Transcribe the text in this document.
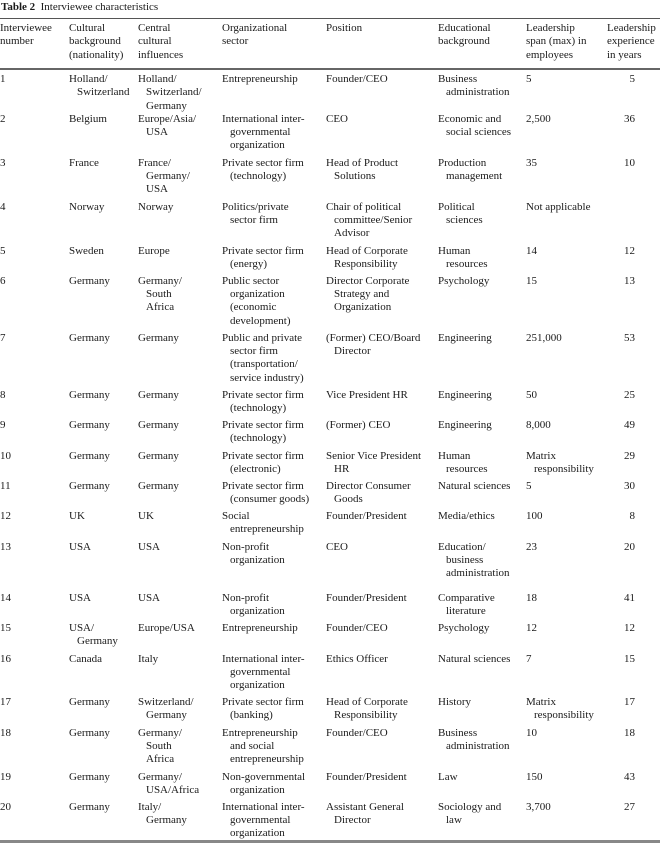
Table 2 Interviewee characteristics
Interviewee
number	Cultural
background
(nationality)	Central
cultural
influences	Organizational
sector	Position	Educational
background	Leadership
span (max) in
employees	Leadership
experience
in years

1	Holland/
Switzerland	Holland/
Switzerland/
Germany	Entrepreneurship	Founder/CEO	Business
administration	5	5

2	Belgium	Europe/Asia/
USA	International inter-
governmental
organization	CEO	Economic and
social sciences	2,500	36

3	France	France/
Germany/
USA	Private sector firm
(technology)	Head of Product
Solutions	Production
management	35	10

4	Norway	Norway	Politics/private
sector firm	Chair of political
committee/Senior
Advisor	Political
sciences	Not applicable	

5	Sweden	Europe	Private sector firm
(energy)	Head of Corporate
Responsibility	Human
resources	14	12

6	Germany	Germany/
South
Africa	Public sector
organization
(economic
development)	Director Corporate
Strategy and
Organization	Psychology	15	13

7	Germany	Germany	Public and private
sector firm
(transportation/
service industry)	(Former) CEO/Board
Director	Engineering	251,000	53

8	Germany	Germany	Private sector firm
(technology)	Vice President HR	Engineering	50	25

9	Germany	Germany	Private sector firm
(technology)	(Former) CEO	Engineering	8,000	49

10	Germany	Germany	Private sector firm
(electronic)	Senior Vice President
HR	Human
resources	Matrix
responsibility	29

11	Germany	Germany	Private sector firm
(consumer goods)	Director Consumer
Goods	Natural sciences	5	30

12	UK	UK	Social
entrepreneurship	Founder/President	Media/ethics	100	8

13	USA	USA	Non-profit
organization	CEO	Education/
business
administration	23	20

14	USA	USA	Non-profit
organization	Founder/President	Comparative
literature	18	41

15	USA/
Germany	Europe/USA	Entrepreneurship	Founder/CEO	Psychology	12	12

16	Canada	Italy	International inter-
governmental
organization	Ethics Officer	Natural sciences	7	15

17	Germany	Switzerland/
Germany	Private sector firm
(banking)	Head of Corporate
Responsibility	History	Matrix
responsibility	17

18	Germany	Germany/
South
Africa	Entrepreneurship
and social
entrepreneurship	Founder/CEO	Business
administration	10	18

19	Germany	Germany/
USA/Africa	Non-governmental
organization	Founder/President	Law	150	43

20	Germany	Italy/
Germany	International inter-
governmental
organization	Assistant General
Director	Sociology and
law	3,700	27
